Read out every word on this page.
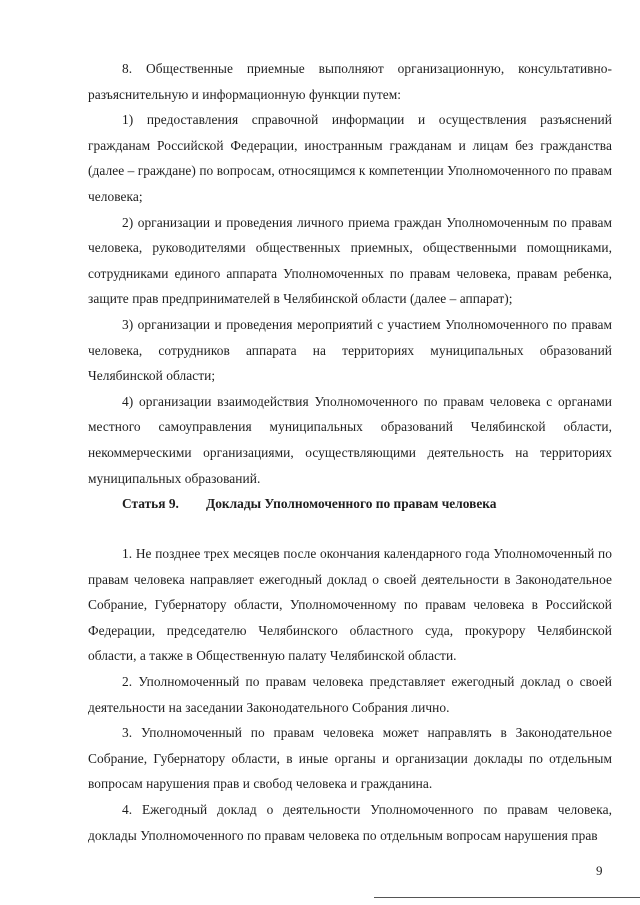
8. Общественные приемные выполняют организационную, консультативно-разъяснительную и информационную функции путем:

1) предоставления справочной информации и осуществления разъяснений гражданам Российской Федерации, иностранным гражданам и лицам без гражданства (далее – граждане) по вопросам, относящимся к компетенции Уполномоченного по правам человека;

2) организации и проведения личного приема граждан Уполномоченным по правам человека, руководителями общественных приемных, общественными помощниками, сотрудниками единого аппарата Уполномоченных по правам человека, правам ребенка, защите прав предпринимателей в Челябинской области (далее – аппарат);

3) организации и проведения мероприятий с участием Уполномоченного по правам человека, сотрудников аппарата на территориях муниципальных образований Челябинской области;

4) организации взаимодействия Уполномоченного по правам человека с органами местного самоуправления муниципальных образований Челябинской области, некоммерческими организациями, осуществляющими деятельность на территориях муниципальных образований.

Статья 9. Доклады Уполномоченного по правам человека

1. Не позднее трех месяцев после окончания календарного года Уполномоченный по правам человека направляет ежегодный доклад о своей деятельности в Законодательное Собрание, Губернатору области, Уполномоченному по правам человека в Российской Федерации, председателю Челябинского областного суда, прокурору Челябинской области, а также в Общественную палату Челябинской области.

2. Уполномоченный по правам человека представляет ежегодный доклад о своей деятельности на заседании Законодательного Собрания лично.

3. Уполномоченный по правам человека может направлять в Законодательное Собрание, Губернатору области, в иные органы и организации доклады по отдельным вопросам нарушения прав и свобод человека и гражданина.

4. Ежегодный доклад о деятельности Уполномоченного по правам человека, доклады Уполномоченного по правам человека по отдельным вопросам нарушения прав

9
